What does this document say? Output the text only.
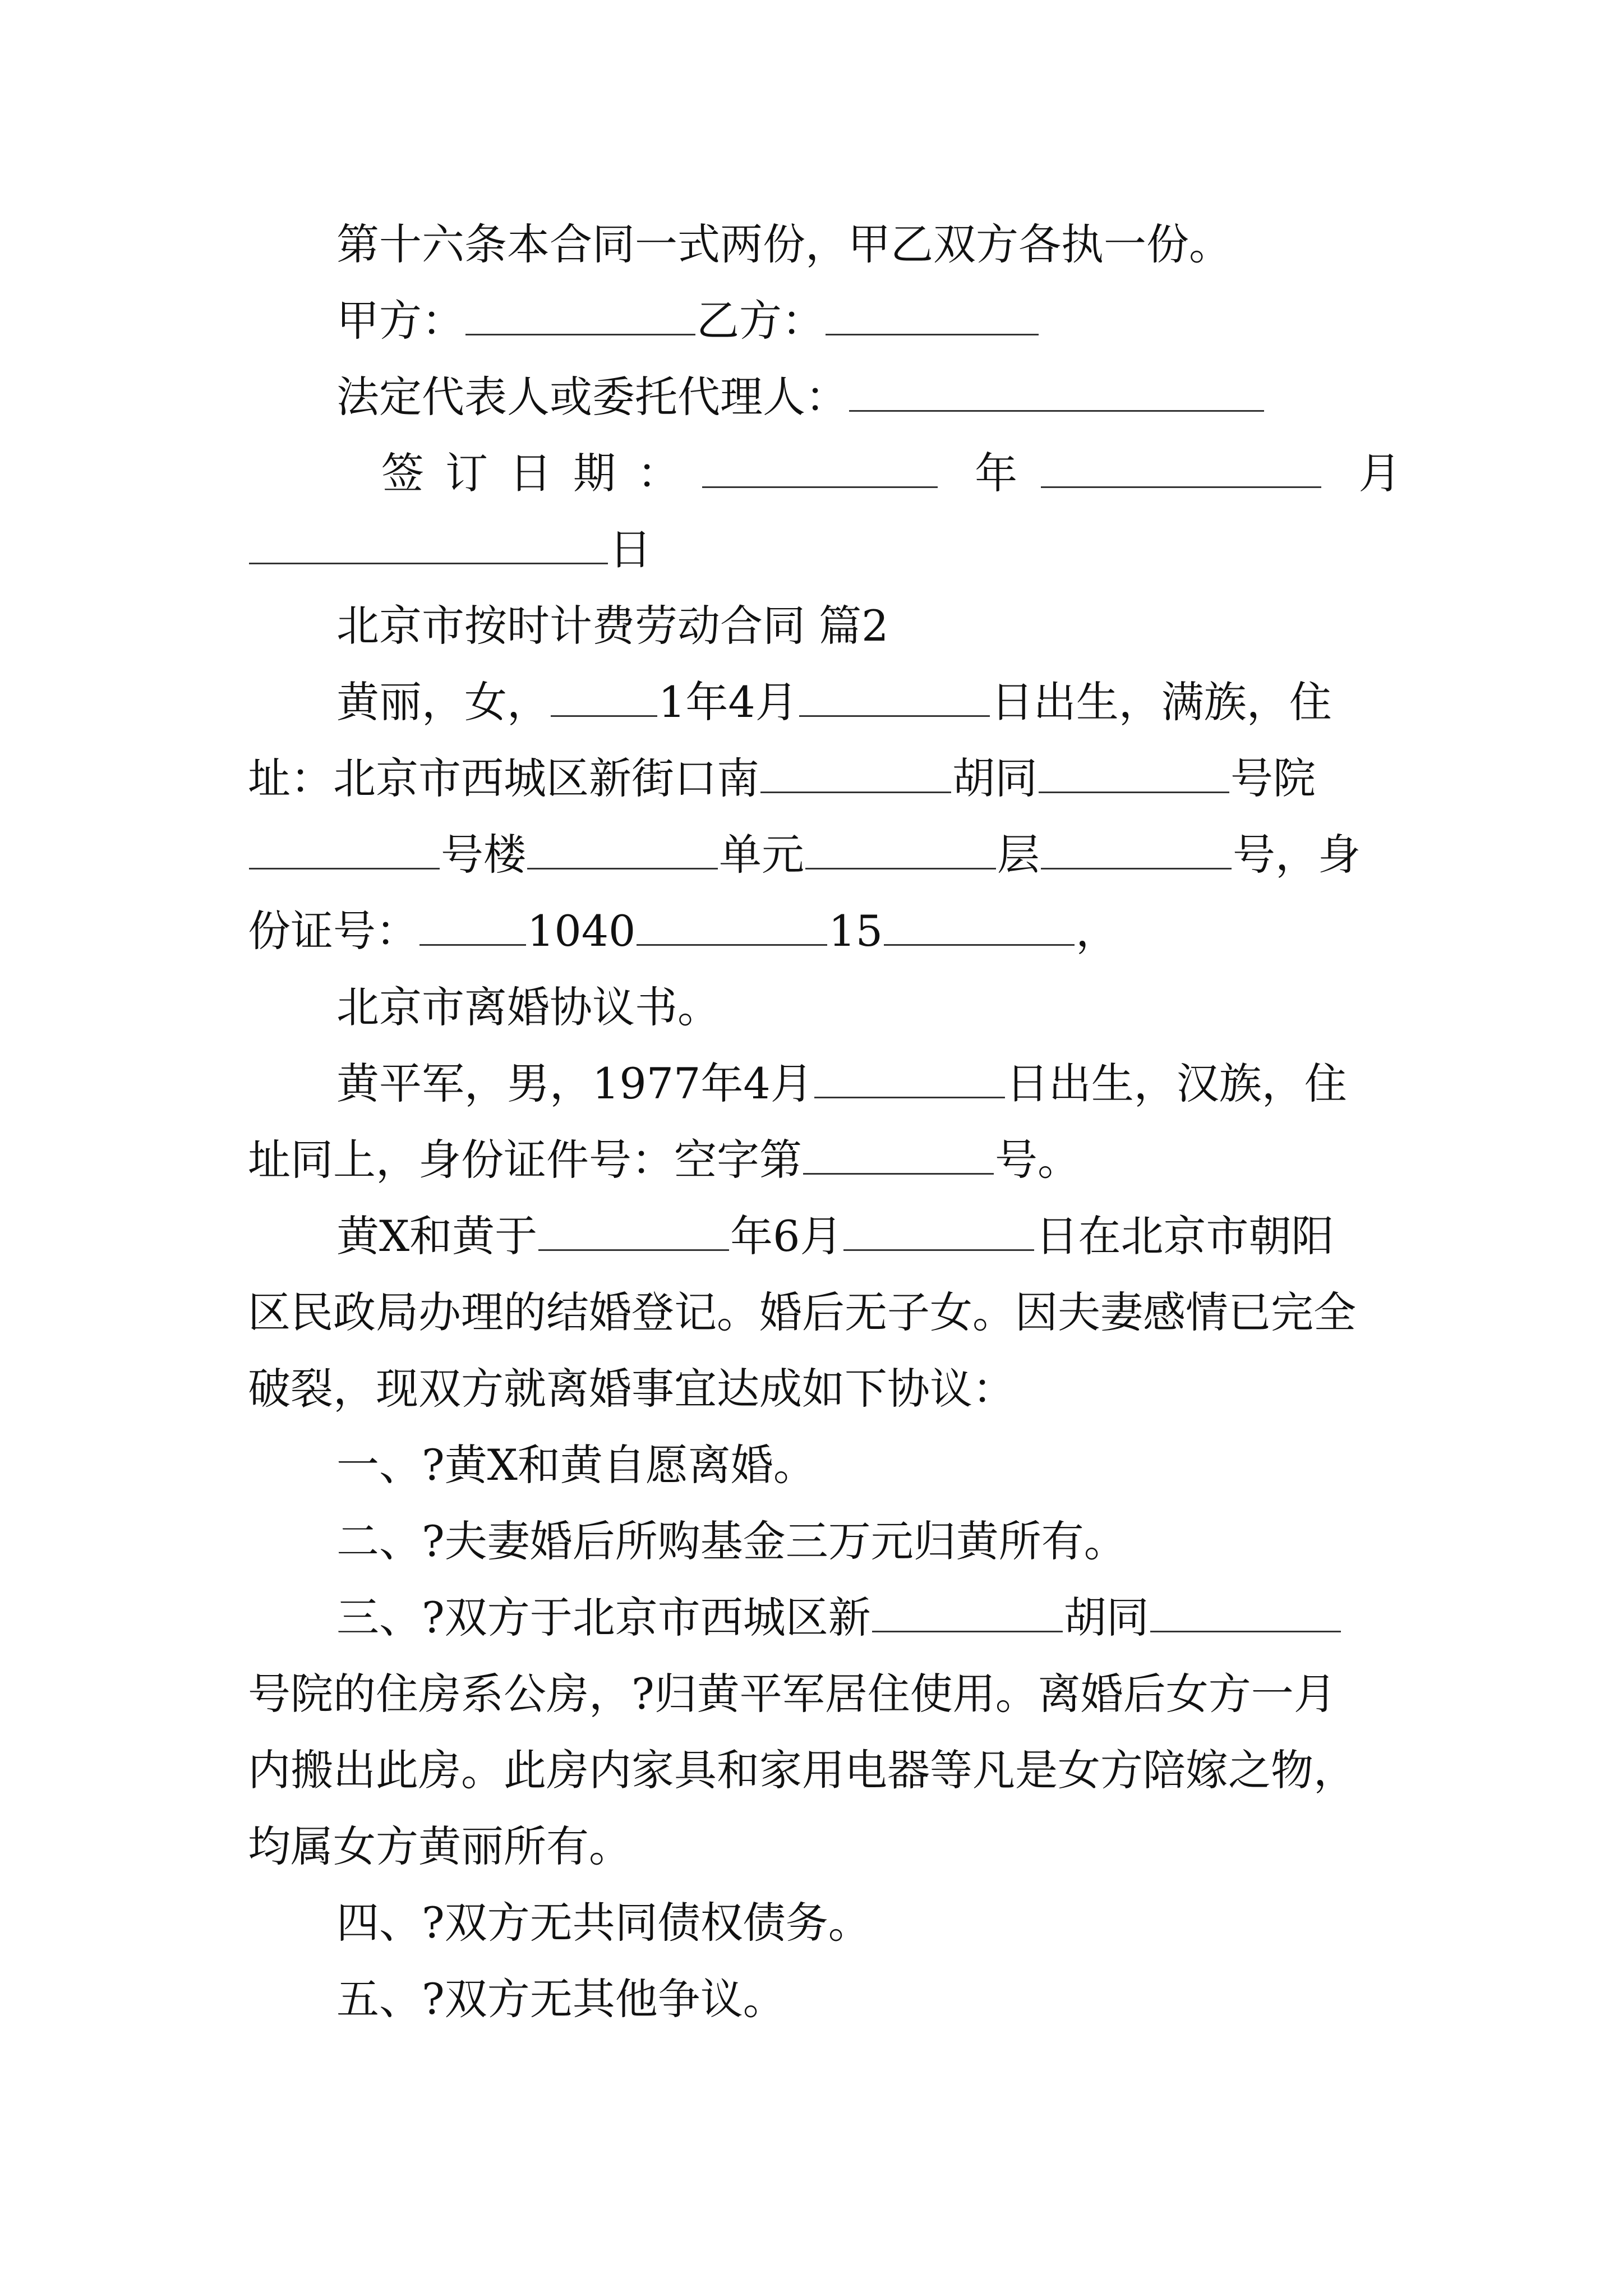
第十六条本合同一式两份，甲乙双方各执一份。
甲方：	乙方：
法定代表人或委托代理人：
签订日期：	年	月
日
北京市按时计费劳动合同 篇2
黄丽，女，	1年4月	日出生，满族，住
址：北京市西城区新街口南	胡同	号院
号楼	单元	层	号，身
份证号：	1040	15	，
北京市离婚协议书。
黄平军，男，1977年4月	日出生，汉族，住
址同上，身份证件号：空字第	号。
黄X和黄于	年6月	日在北京市朝阳
区民政局办理的结婚登记。婚后无子女。因夫妻感情已完全
破裂，现双方就离婚事宜达成如下协议：
一、?黄X和黄自愿离婚。
二、?夫妻婚后所购基金三万元归黄所有。
三、?双方于北京市西城区新	胡同
号院的住房系公房，?归黄平军居住使用。离婚后女方一月
内搬出此房。此房内家具和家用电器等凡是女方陪嫁之物，
均属女方黄丽所有。
四、?双方无共同债权债务。
五、?双方无其他争议。
